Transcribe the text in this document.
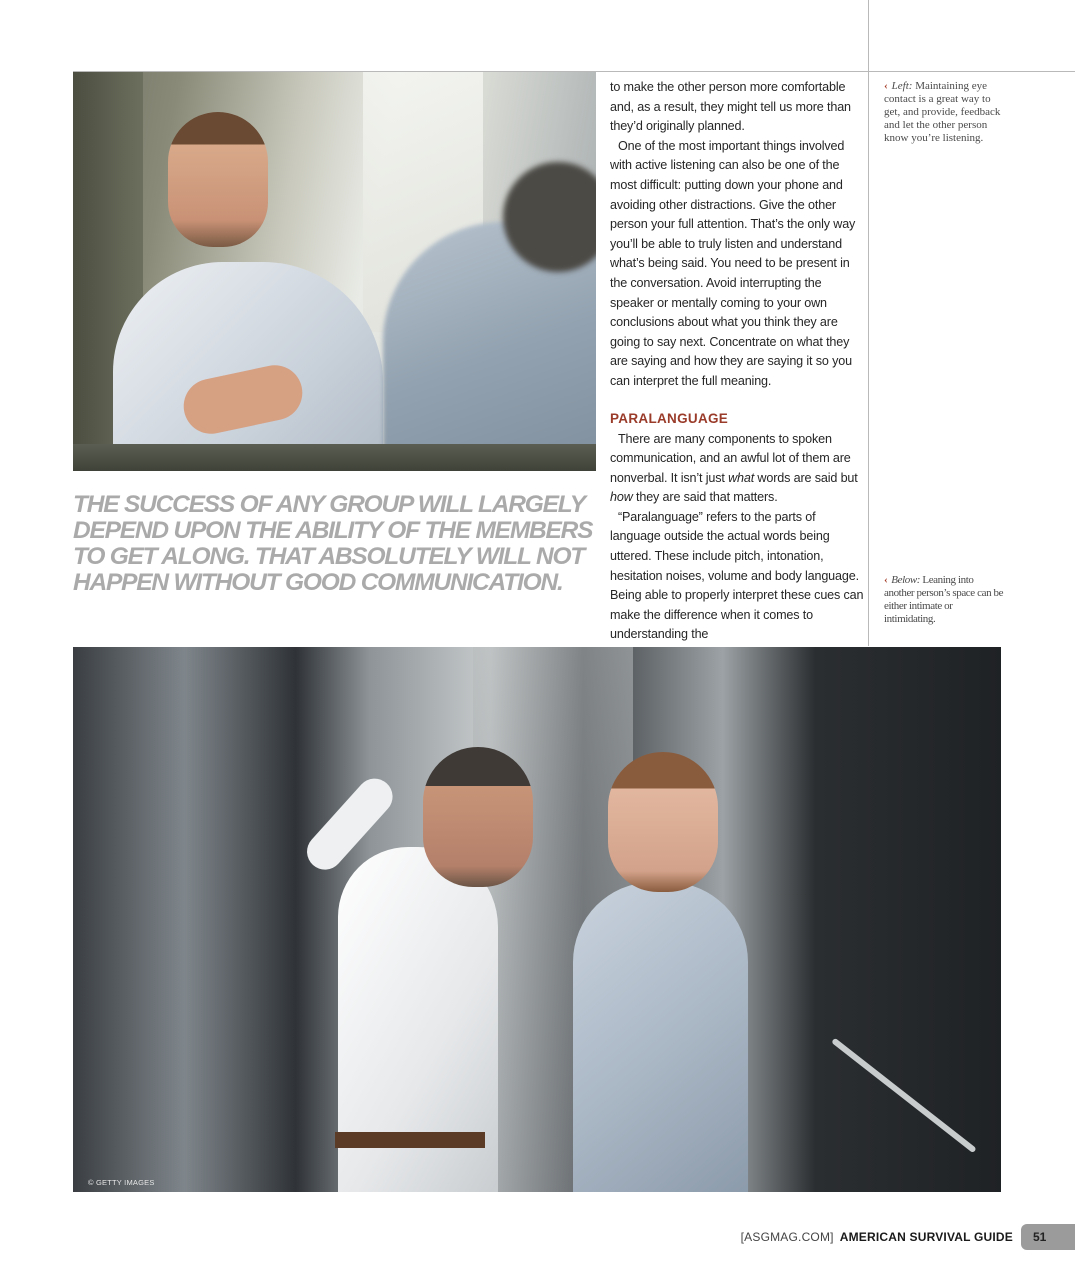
THE SUCCESS OF ANY GROUP WILL LARGELY DEPEND UPON THE ABILITY OF THE MEMBERS TO GET ALONG. THAT ABSOLUTELY WILL NOT HAPPEN WITHOUT GOOD COMMUNICATION.

to make the other person more comfortable and, as a result, they might tell us more than they’d originally planned.

One of the most important things involved with active listening can also be one of the most difficult: putting down your phone and avoiding other distractions. Give the other person your full attention. That’s the only way you’ll be able to truly listen and understand what’s being said. You need to be present in the conversation. Avoid interrupting the speaker or mentally coming to your own conclusions about what you think they are going to say next. Concentrate on what they are saying and how they are saying it so you can interpret the full meaning.

PARALANGUAGE

There are many components to spoken communication, and an awful lot of them are nonverbal. It isn’t just what words are said but how they are said that matters.

“Paralanguage” refers to the parts of language outside the actual words being uttered. These include pitch, intonation, hesitation noises, volume and body language. Being able to properly interpret these cues can make the difference when it comes to understanding the

‹ Left: Maintaining eye contact is a great way to get, and provide, feedback and let the other person know you’re listening.
‹ Below: Leaning into another person’s space can be either intimate or intimidating.
© GETTY IMAGES
[ASGMAG.COM] AMERICAN SURVIVAL GUIDE	51
